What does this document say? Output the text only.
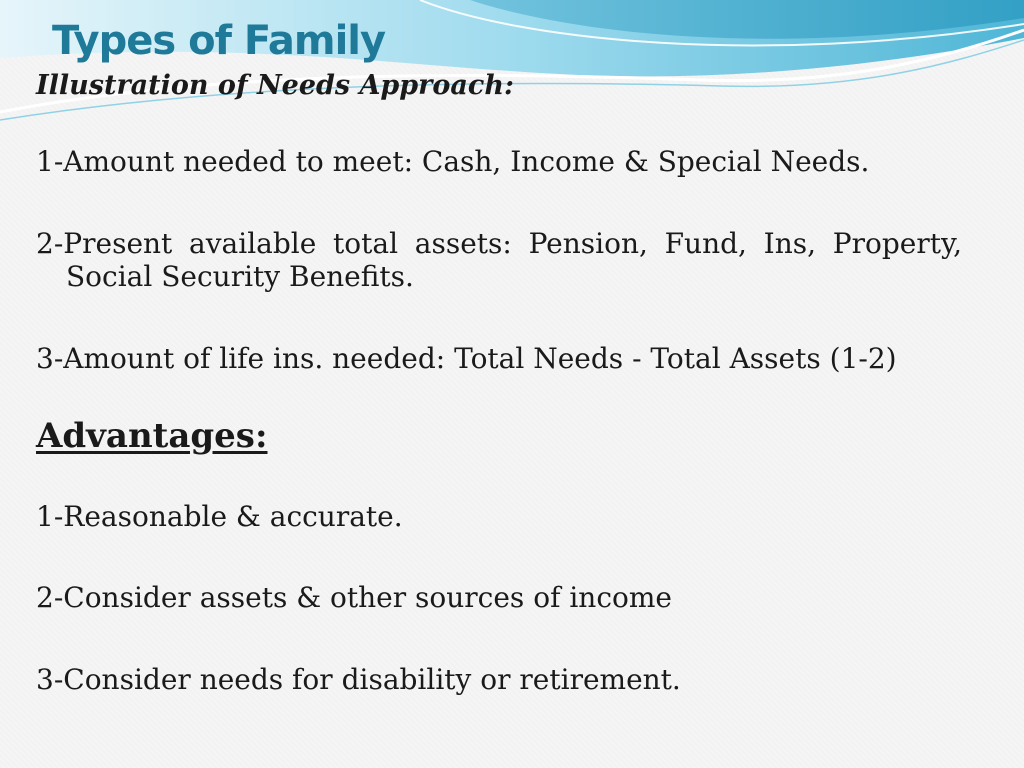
Types of Family
Illustration of Needs Approach:

1-Amount needed to meet: Cash, Income & Special Needs.

2-Present available total assets: Pension, Fund, Ins, Property, Social Security Benefits.

3-Amount of life ins. needed: Total Needs - Total Assets (1-2)

Advantages:

1-Reasonable & accurate.

2-Consider assets & other sources of income

3-Consider needs for disability or retirement.
